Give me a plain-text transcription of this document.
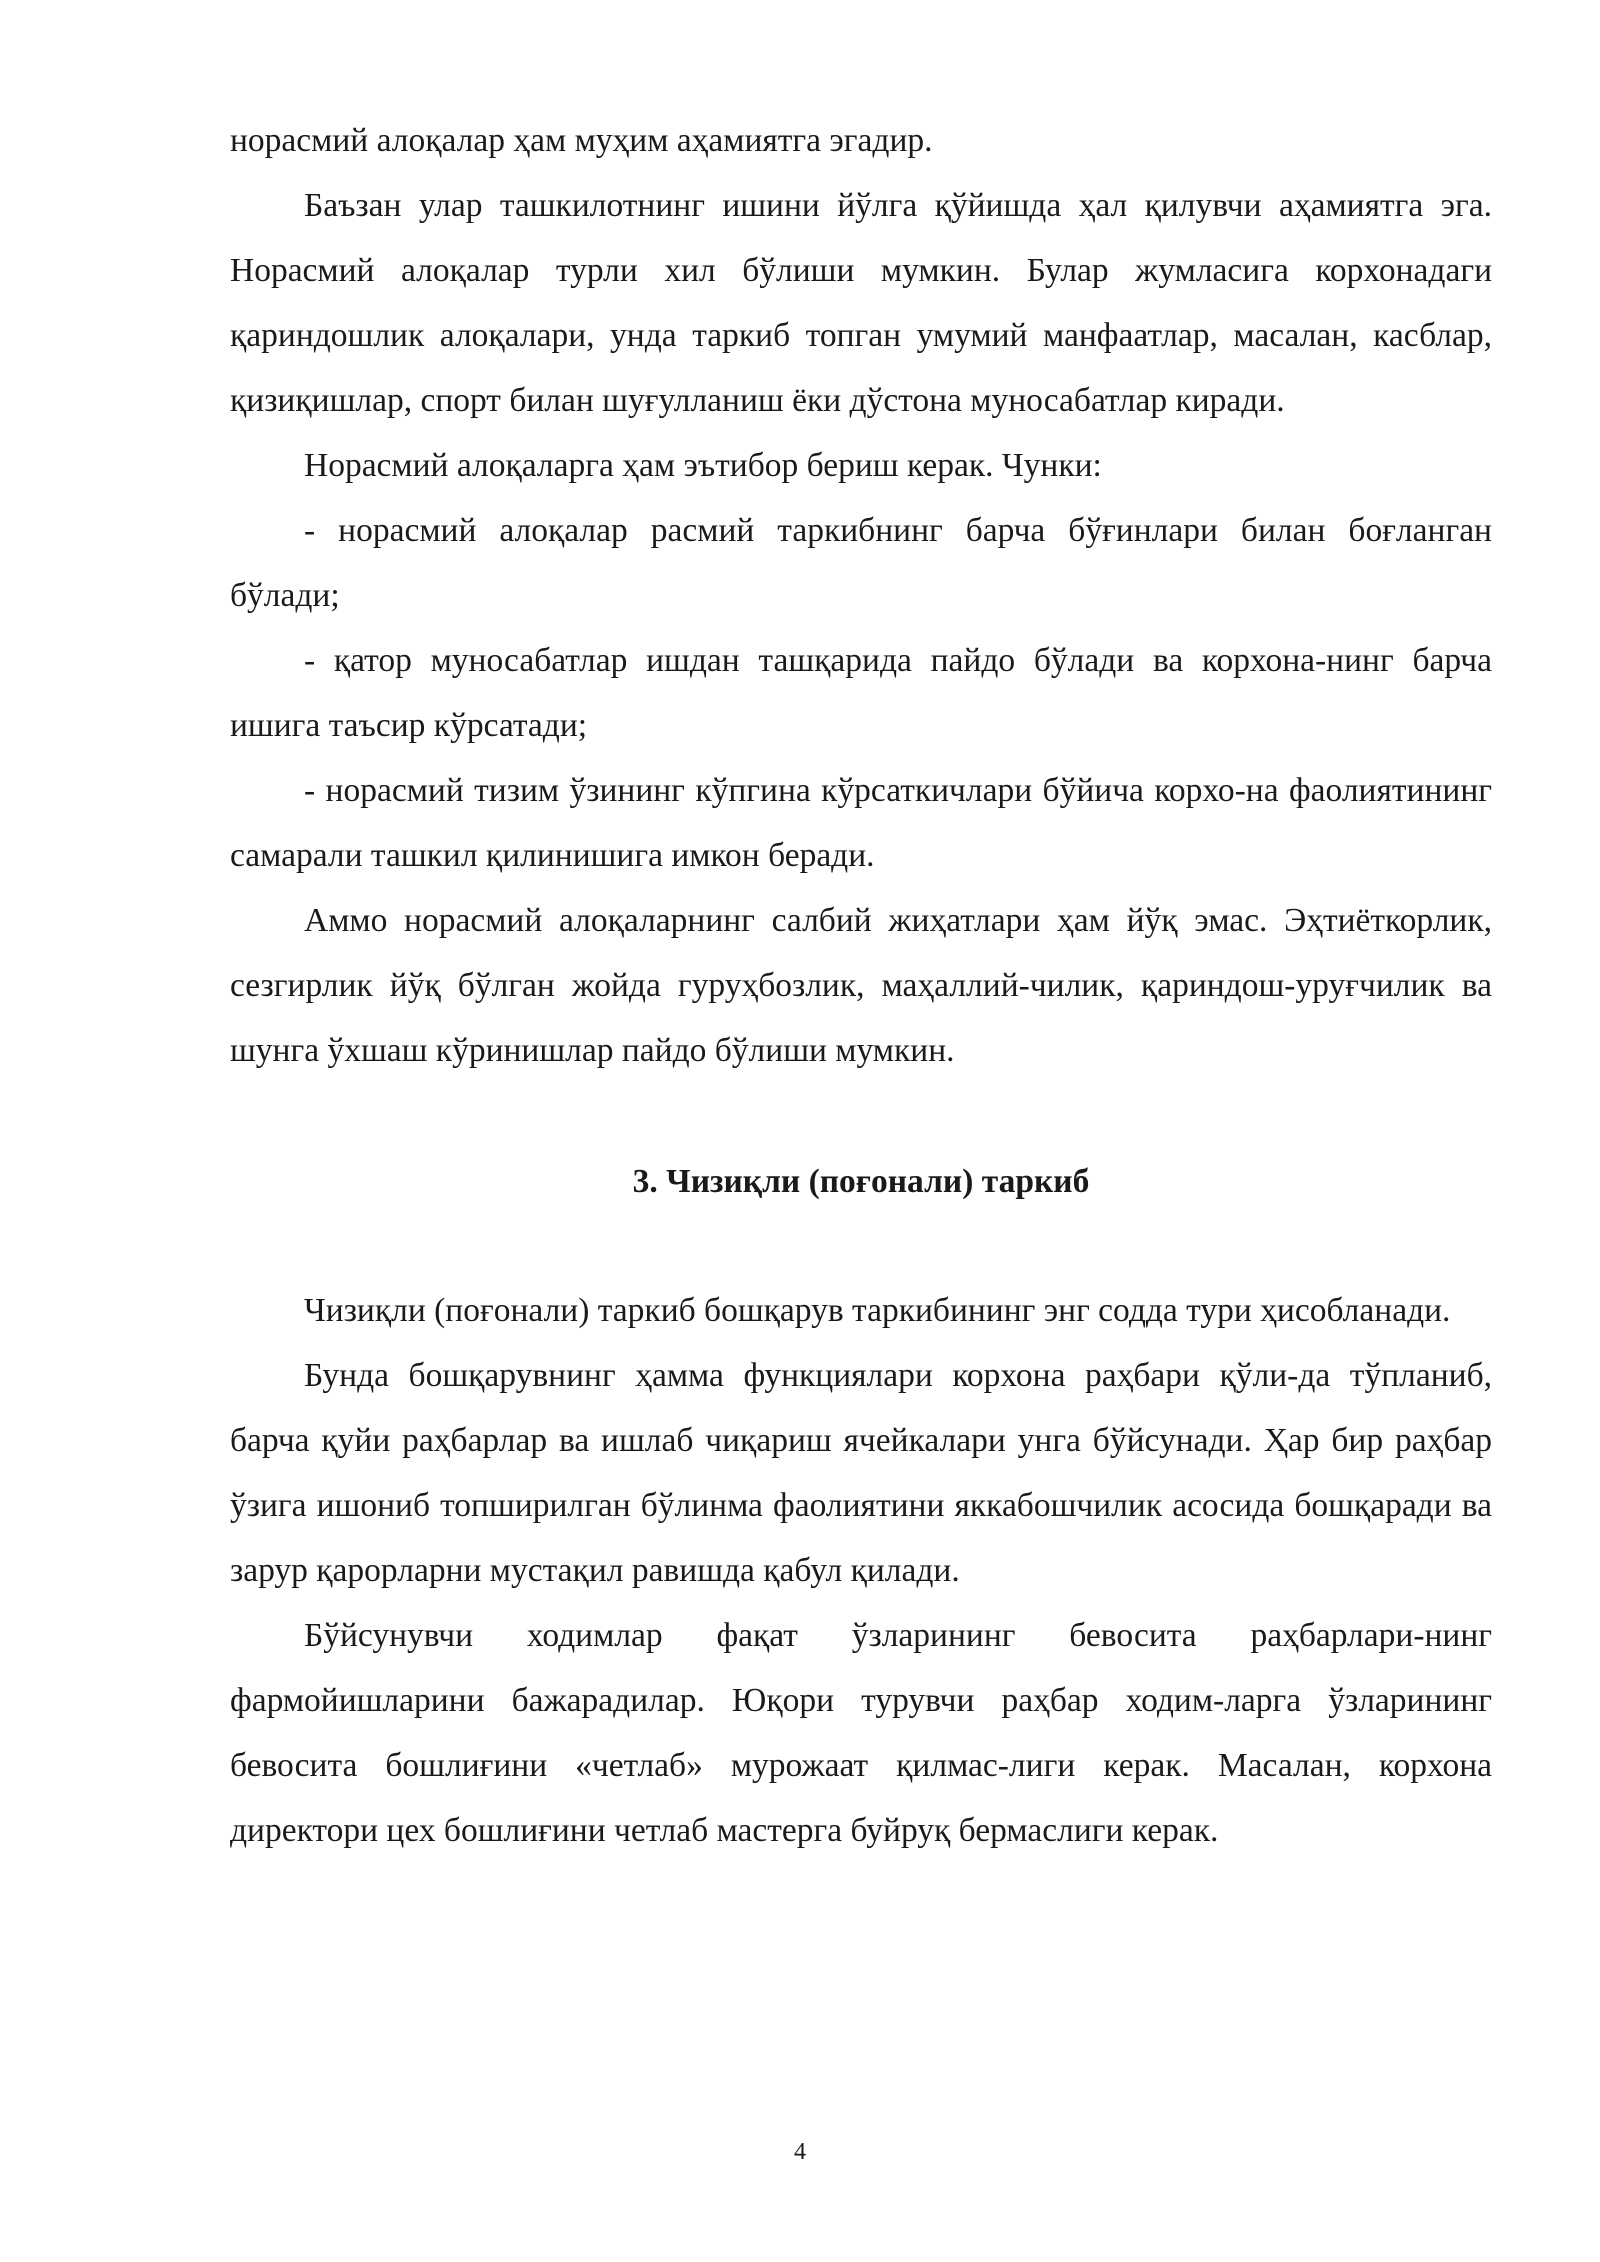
норасмий алоқалар ҳам муҳим аҳамиятга эгадир.

Баъзан улар ташкилотнинг ишини йўлга қўйишда ҳал қилувчи аҳамиятга эга. Норасмий алоқалар турли хил бўлиши мумкин. Булар жумласига корхонадаги қариндошлик алоқалари, унда таркиб топган умумий манфаатлар, масалан, касблар, қизиқишлар, спорт билан шуғулланиш ёки дўстона муносабатлар киради.

Норасмий алоқаларга ҳам эътибор бериш керак. Чунки:

- норасмий алоқалар расмий таркибнинг барча бўғинлари билан боғланган бўлади;

- қатор муносабатлар ишдан ташқарида пайдо бўлади ва корхона-нинг барча ишига таъсир кўрсатади;

- норасмий тизим ўзининг кўпгина кўрсаткичлари бўйича корхо-на фаолиятининг самарали ташкил қилинишига имкон беради.

Аммо норасмий алоқаларнинг салбий жиҳатлари ҳам йўқ эмас. Эҳтиёткорлик, сезгирлик йўқ бўлган жойда гуруҳбозлик, маҳаллий-чилик, қариндош-уруғчилик ва шунга ўхшаш кўринишлар пайдо бўлиши мумкин.

3. Чизиқли (поғонали) таркиб

Чизиқли (поғонали) таркиб бошқарув таркибининг энг содда тури ҳисобланади.

Бунда бошқарувнинг ҳамма функциялари корхона раҳбари қўли-да тўпланиб, барча қуйи раҳбарлар ва ишлаб чиқариш ячейкалари унга бўйсунади. Ҳар бир раҳбар ўзига ишониб топширилган бўлинма фаолиятини яккабошчилик асосида бошқаради ва зарур қарорларни мустақил равишда қабул қилади.

Бўйсунувчи ходимлар фақат ўзларининг бевосита раҳбарлари-нинг фармойишларини бажарадилар. Юқори турувчи раҳбар ходим-ларга ўзларининг бевосита бошлиғини «четлаб» мурожаат қилмас-лиги керак. Масалан, корхона директори цех бошлиғини четлаб мастерга буйруқ бермаслиги керак.

4
